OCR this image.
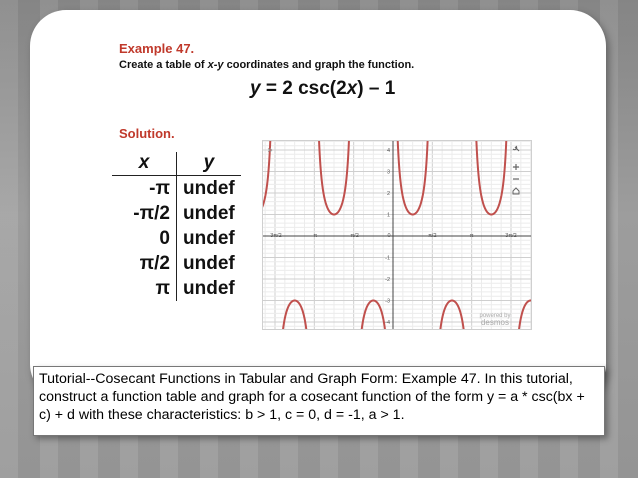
Example 47.
Create a table of x-y coordinates and graph the function.
y = 2 csc(2x) – 1
Solution.
x	y
-π	undef
-π/2	undef
0	undef
π/2	undef
π	undef
-3π/2	-π	-π/2	0	π/2	π	3π/2
4
3
2
1
-1
-2
-3
-4
»
powered by
desmos
Tutorial--Cosecant Functions in Tabular and Graph Form: Example 47. In this tutorial, construct a function table and graph for a cosecant function of the form y = a * csc(bx + c) + d with these characteristics: b > 1, c = 0, d = -1, a > 1.
